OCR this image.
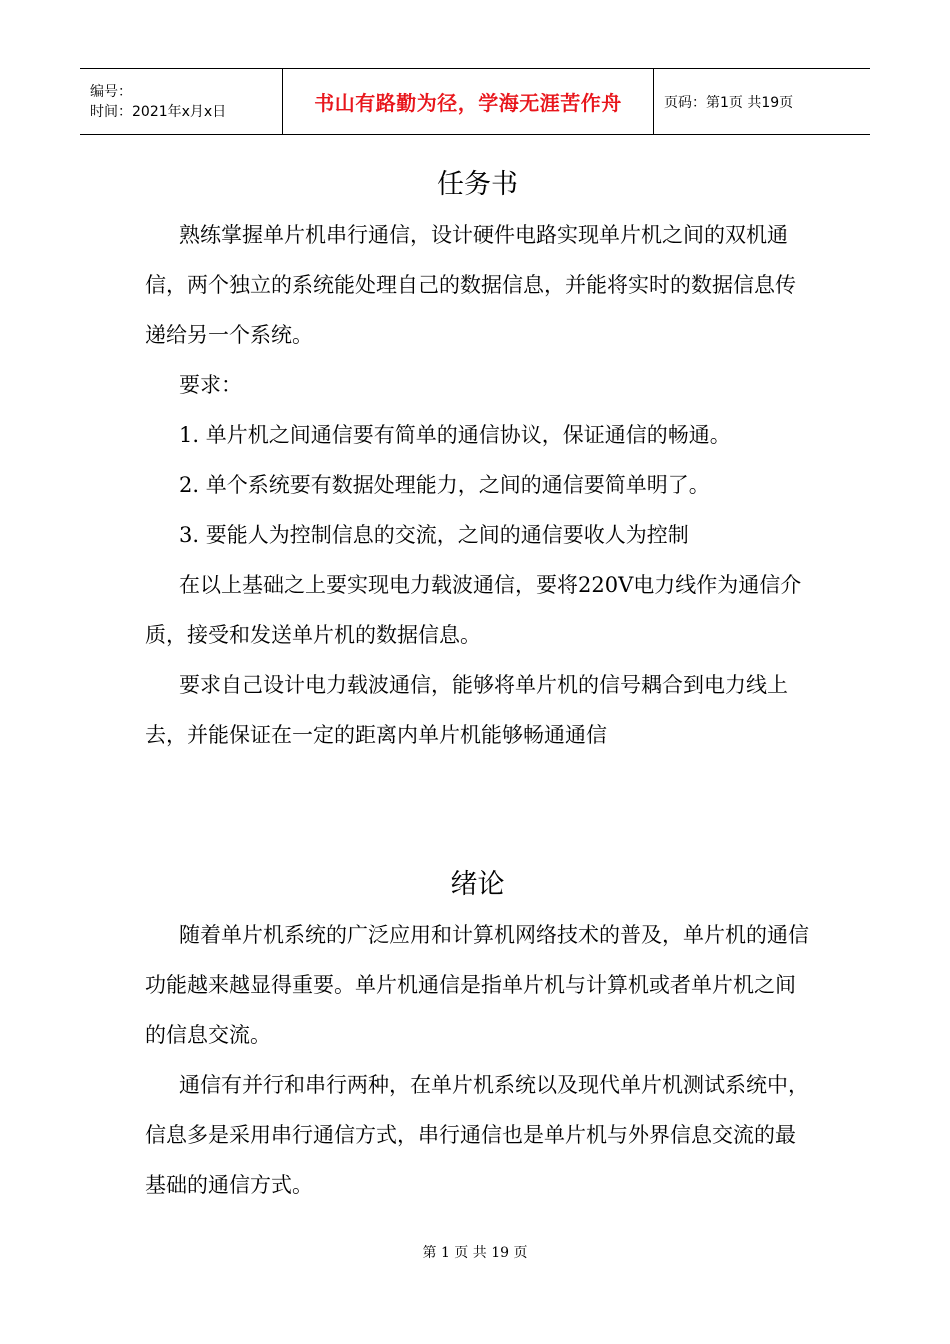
编号：
时间：2021年x月x日	书山有路勤为径，学海无涯苦作舟	页码：第1页 共19页
任务书

熟练掌握单片机串行通信，设计硬件电路实现单片机之间的双机通信，两个独立的系统能处理自己的数据信息，并能将实时的数据信息传递给另一个系统。

要求：

1. 单片机之间通信要有简单的通信协议，保证通信的畅通。

2. 单个系统要有数据处理能力，之间的通信要简单明了。

3. 要能人为控制信息的交流，之间的通信要收人为控制

在以上基础之上要实现电力载波通信，要将220V电力线作为通信介质，接受和发送单片机的数据信息。

要求自己设计电力载波通信，能够将单片机的信号耦合到电力线上去，并能保证在一定的距离内单片机能够畅通通信

绪论

随着单片机系统的广泛应用和计算机网络技术的普及，单片机的通信功能越来越显得重要。单片机通信是指单片机与计算机或者单片机之间的信息交流。

通信有并行和串行两种，在单片机系统以及现代单片机测试系统中，信息多是采用串行通信方式，串行通信也是单片机与外界信息交流的最基础的通信方式。

第 1 页 共 19 页
